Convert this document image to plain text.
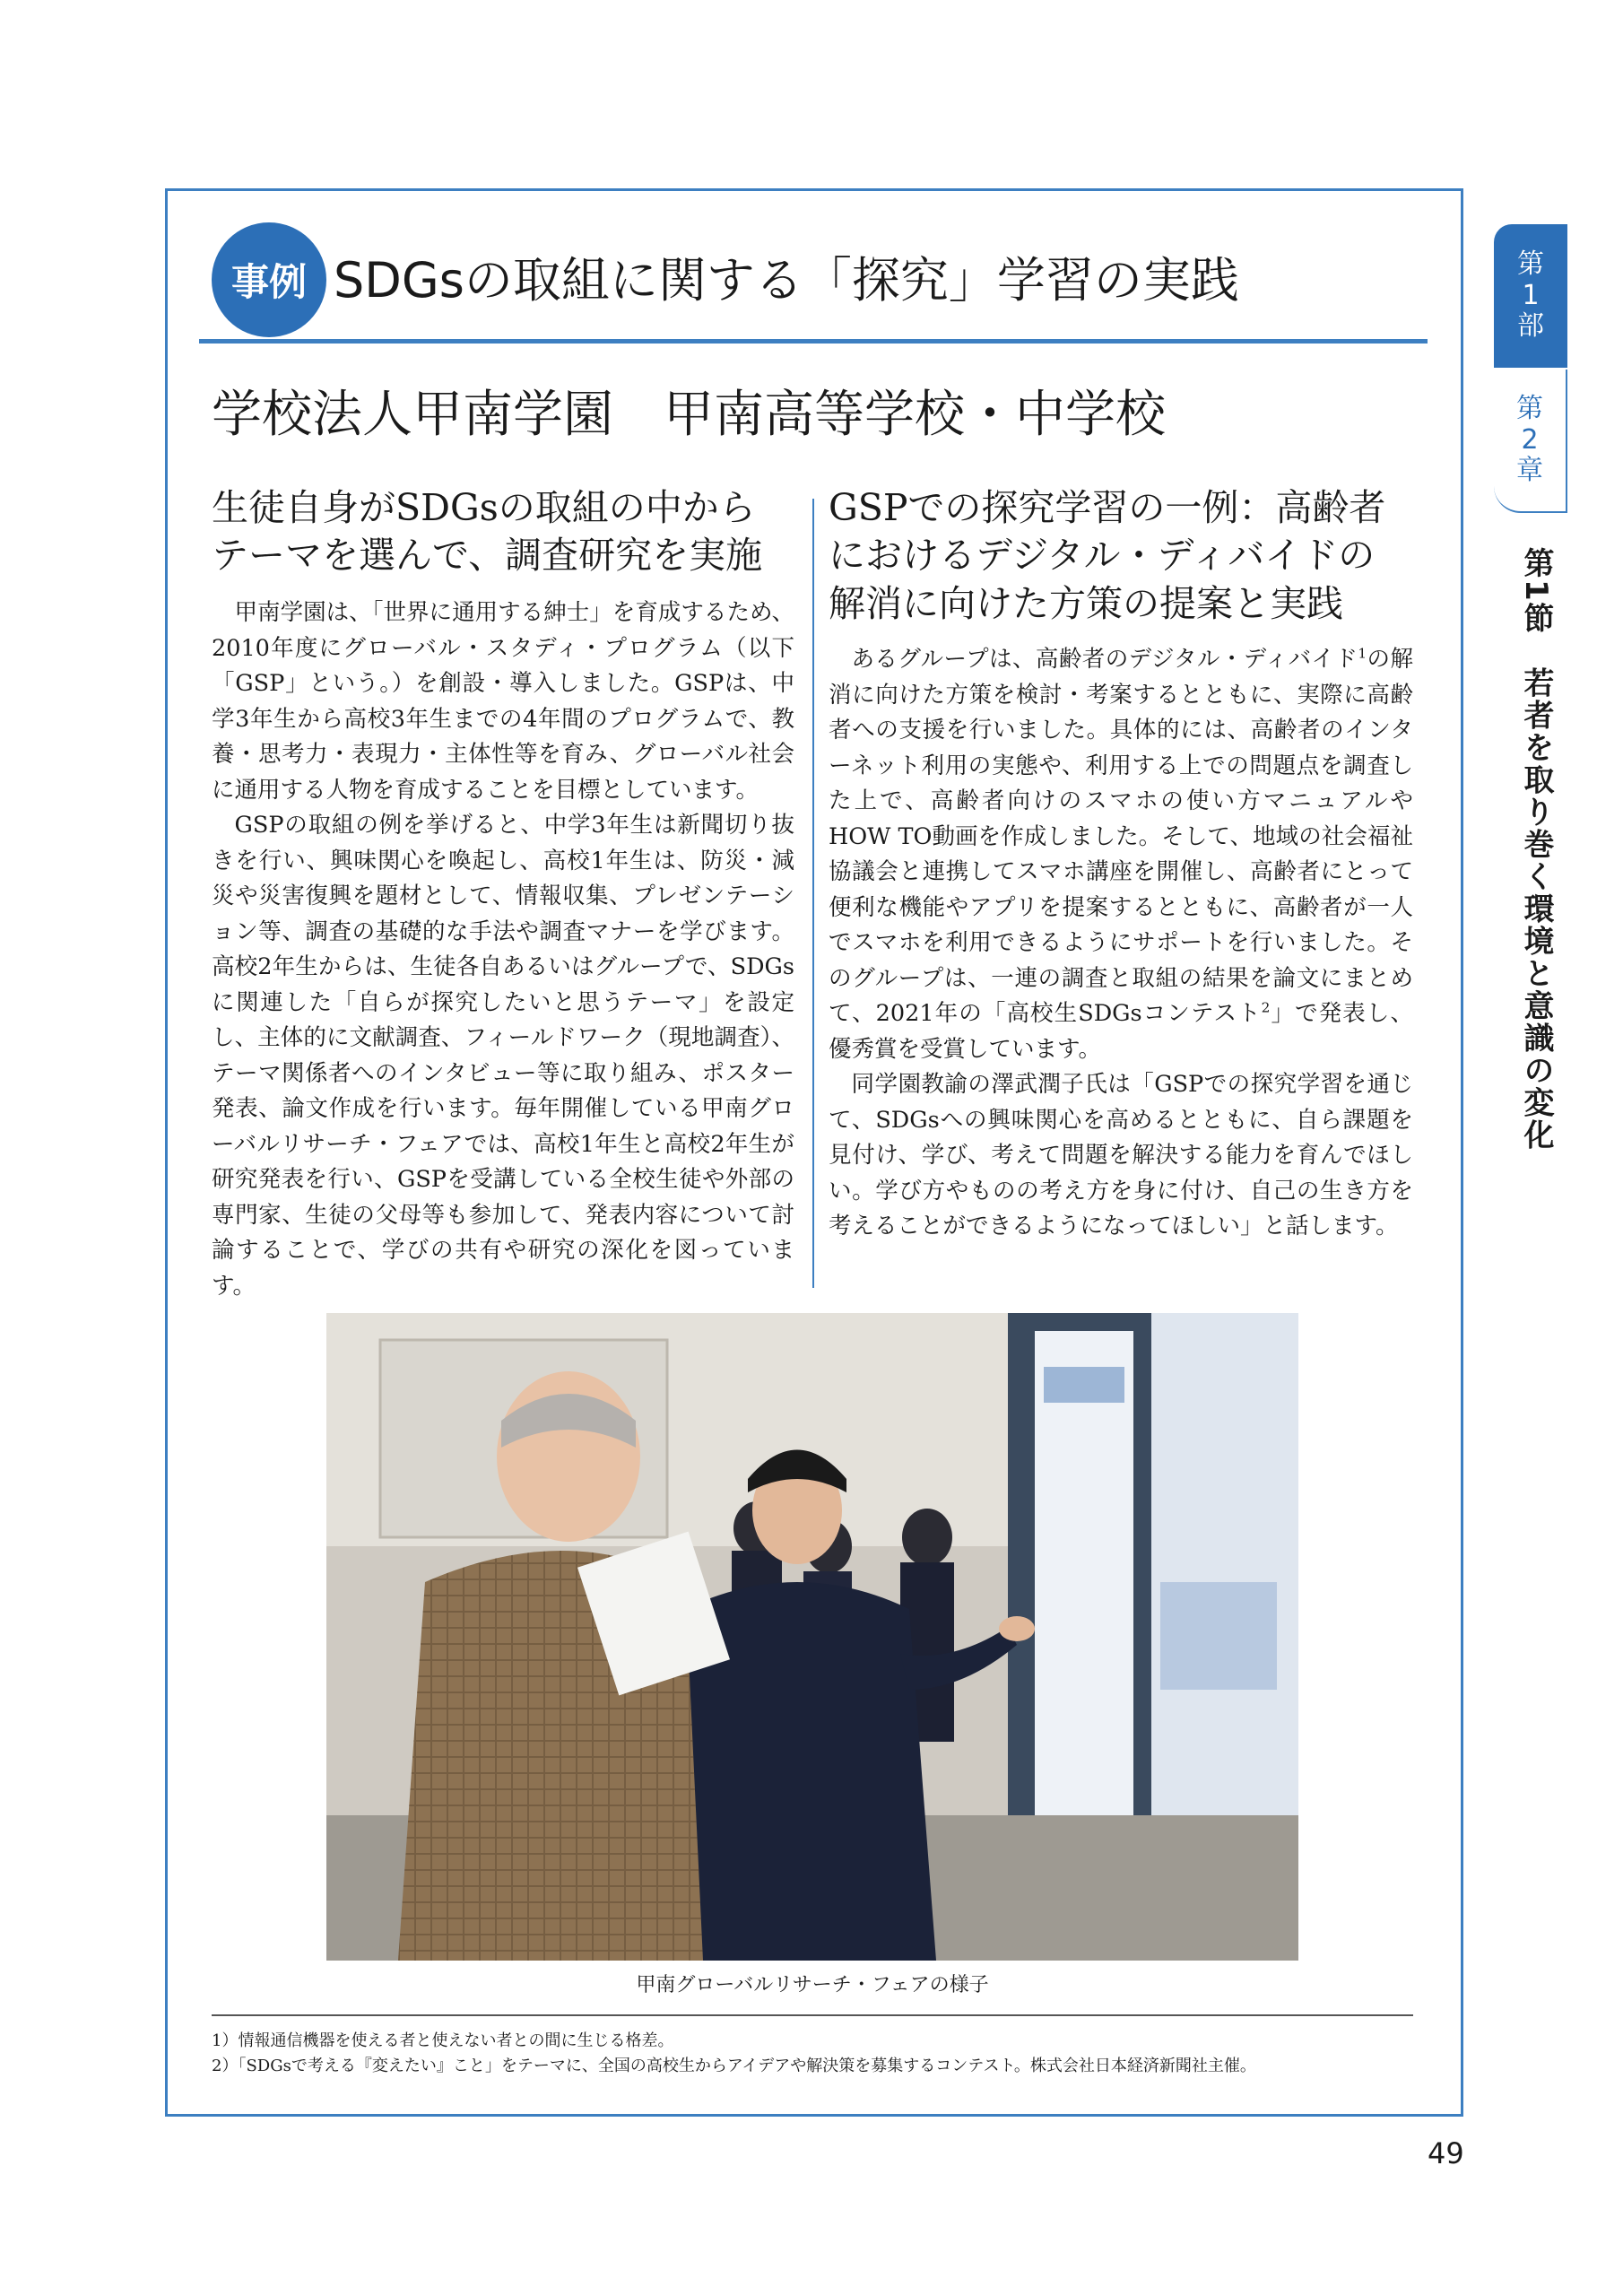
事例 SDGsの取組に関する「探究」学習の実践
学校法人甲南学園　甲南高等学校・中学校
生徒自身がSDGsの取組の中から
テーマを選んで、調査研究を実施

甲南学園は、「世界に通用する紳士」を育成するため、2010年度にグローバル・スタディ・プログラム（以下「GSP」という。）を創設・導入しました。GSPは、中学3年生から高校3年生までの4年間のプログラムで、教養・思考力・表現力・主体性等を育み、グローバル社会に通用する人物を育成することを目標としています。

GSPの取組の例を挙げると、中学3年生は新聞切り抜きを行い、興味関心を喚起し、高校1年生は、防災・減災や災害復興を題材として、情報収集、プレゼンテーション等、調査の基礎的な手法や調査マナーを学びます。高校2年生からは、生徒各自あるいはグループで、SDGsに関連した「自らが探究したいと思うテーマ」を設定し、主体的に文献調査、フィールドワーク（現地調査）、テーマ関係者へのインタビュー等に取り組み、ポスター発表、論文作成を行います。毎年開催している甲南グローバルリサーチ・フェアでは、高校1年生と高校2年生が研究発表を行い、GSPを受講している全校生徒や外部の専門家、生徒の父母等も参加して、発表内容について討論することで、学びの共有や研究の深化を図っています。

GSPでの探究学習の一例：高齢者
におけるデジタル・ディバイドの
解消に向けた方策の提案と実践

あるグループは、高齢者のデジタル・ディバイド$^1$の解消に向けた方策を検討・考案するとともに、実際に高齢者への支援を行いました。具体的には、高齢者のインターネット利用の実態や、利用する上での問題点を調査した上で、高齢者向けのスマホの使い方マニュアルやHOW TO動画を作成しました。そして、地域の社会福祉協議会と連携してスマホ講座を開催し、高齢者にとって便利な機能やアプリを提案するとともに、高齢者が一人でスマホを利用できるようにサポートを行いました。そのグループは、一連の調査と取組の結果を論文にまとめて、2021年の「高校生SDGsコンテスト$^2$」で発表し、優秀賞を受賞しています。

同学園教諭の澤武潤子氏は「GSPでの探究学習を通じて、SDGsへの興味関心を高めるとともに、自ら課題を見付け、学び、考えて問題を解決する能力を育んでほしい。学び方やものの考え方を身に付け、自己の生き方を考えることができるようになってほしい」と話します。

甲南グローバルリサーチ・フェアの様子
1）情報通信機器を使える者と使えない者との間に生じる格差。
2）「SDGsで考える『変えたい』こと」をテーマに、全国の高校生からアイデアや解決策を募集するコンテスト。株式会社日本経済新聞社主催。
49
第
1
部
第
2
章
第1節　若者を取り巻く環境と意識の変化
